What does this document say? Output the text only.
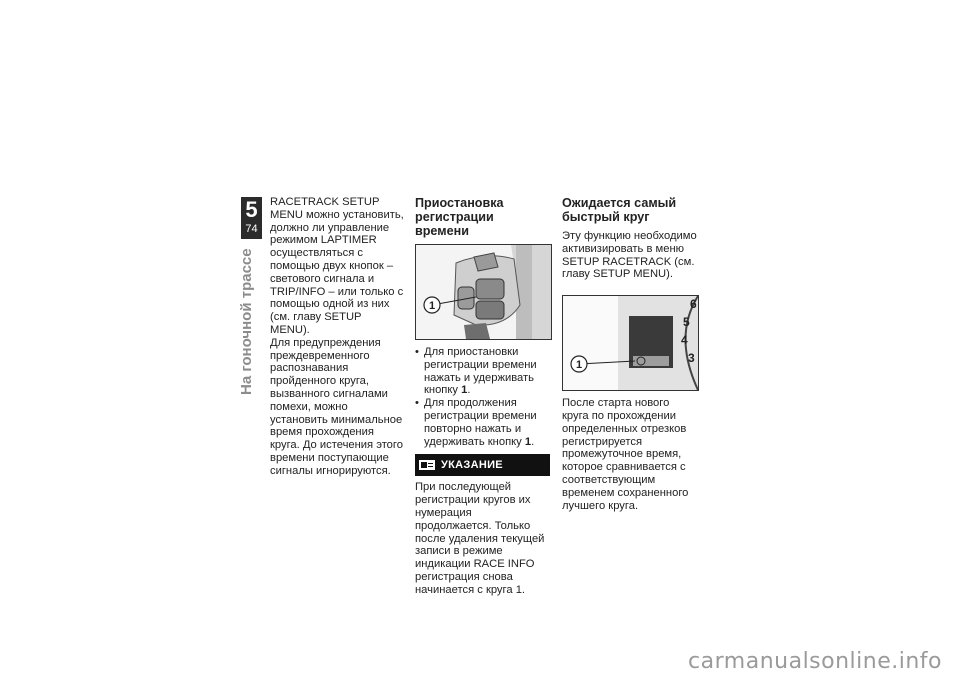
5
74
На гоночной трассе

RACETRACK SETUP MENU можно установить, должно ли управление режимом LAPTIMER осуществляться с помощью двух кнопок – светового сигнала и TRIP/INFO – или только с помощью одной из них (см. главу SETUP MENU).

Для предупреждения преждевременного распознавания пройденного круга, вызванного сигналами помехи, можно установить минимальное время прохождения круга. До истечения этого времени поступающие сигналы игнорируются.

Приостановка регистрации времени
1
• Для приостановки регистрации времени нажать и удерживать кнопку 1.
• Для продолжения регистрации времени повторно нажать и удерживать кнопку 1.
УКАЗАНИЕ

При последующей регистрации кругов их нумерация продолжается. Только после удаления текущей записи в режиме индикации RACE INFO регистрация снова начинается с круга 1.

Ожидается самый быстрый круг

Эту функцию необходимо активизировать в меню SETUP RACETRACK (см. главу SETUP MENU).

6
5
4
3
1

После старта нового круга по прохождении определенных отрезков регистрируется промежуточное время, которое сравнивается с соответствующим временем сохраненного лучшего круга.

carmanualsonline.info
